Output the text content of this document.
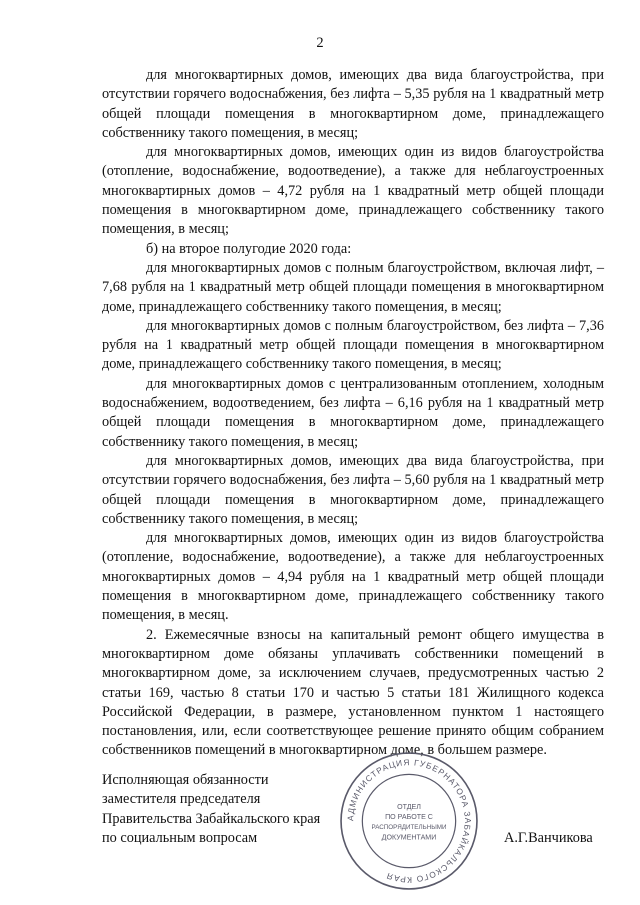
2

для многоквартирных домов, имеющих два вида благоустройства, при отсутствии горячего водоснабжения, без лифта – 5,35 рубля на 1 квадратный метр общей площади помещения в многоквартирном доме, принадлежащего собственнику такого помещения, в месяц;

для многоквартирных домов, имеющих один из видов благоустройства (отопление, водоснабжение, водоотведение), а также для неблагоустроенных многоквартирных домов – 4,72 рубля на 1 квадратный метр общей площади помещения в многоквартирном доме, принадлежащего собственнику такого помещения, в месяц;

б) на второе полугодие 2020 года:

для многоквартирных домов с полным благоустройством, включая лифт, – 7,68 рубля на 1 квадратный метр общей площади помещения в многоквартирном доме, принадлежащего собственнику такого помещения, в месяц;

для многоквартирных домов с полным благоустройством, без лифта – 7,36 рубля на 1 квадратный метр общей площади помещения в многоквартирном доме, принадлежащего собственнику такого помещения, в месяц;

для многоквартирных домов с централизованным отоплением, холодным водоснабжением, водоотведением, без лифта – 6,16 рубля на 1 квадратный метр общей площади помещения в многоквартирном доме, принадлежащего собственнику такого помещения, в месяц;

для многоквартирных домов, имеющих два вида благоустройства, при отсутствии горячего водоснабжения, без лифта – 5,60 рубля на 1 квадратный метр общей площади помещения в многоквартирном доме, принадлежащего собственнику такого помещения, в месяц;

для многоквартирных домов, имеющих один из видов благоустройства (отопление, водоснабжение, водоотведение), а также для неблагоустроенных многоквартирных домов – 4,94 рубля на 1 квадратный метр общей площади помещения в многоквартирном доме, принадлежащего собственнику такого помещения, в месяц.

2. Ежемесячные взносы на капитальный ремонт общего имущества в многоквартирном доме обязаны уплачивать собственники помещений в многоквартирном доме, за исключением случаев, предусмотренных частью 2 статьи 169, частью 8 статьи 170 и частью 5 статьи 181 Жилищного кодекса Российской Федерации, в размере, установленном пунктом 1 настоящего постановления, или, если соответствующее решение принято общим собранием собственников помещений в многоквартирном доме, в большем размере.

Исполняющая обязанности
заместителя председателя
Правительства Забайкальского края
по социальным вопросам
АДМИНИСТРАЦИЯ ГУБЕРНАТОРА ЗАБАЙКАЛЬСКОГО КРАЯ
ОТДЕЛ
ПО РАБОТЕ С
РАСПОРЯДИТЕЛЬНЫМИ
ДОКУМЕНТАМИ	А.Г.Ванчикова
